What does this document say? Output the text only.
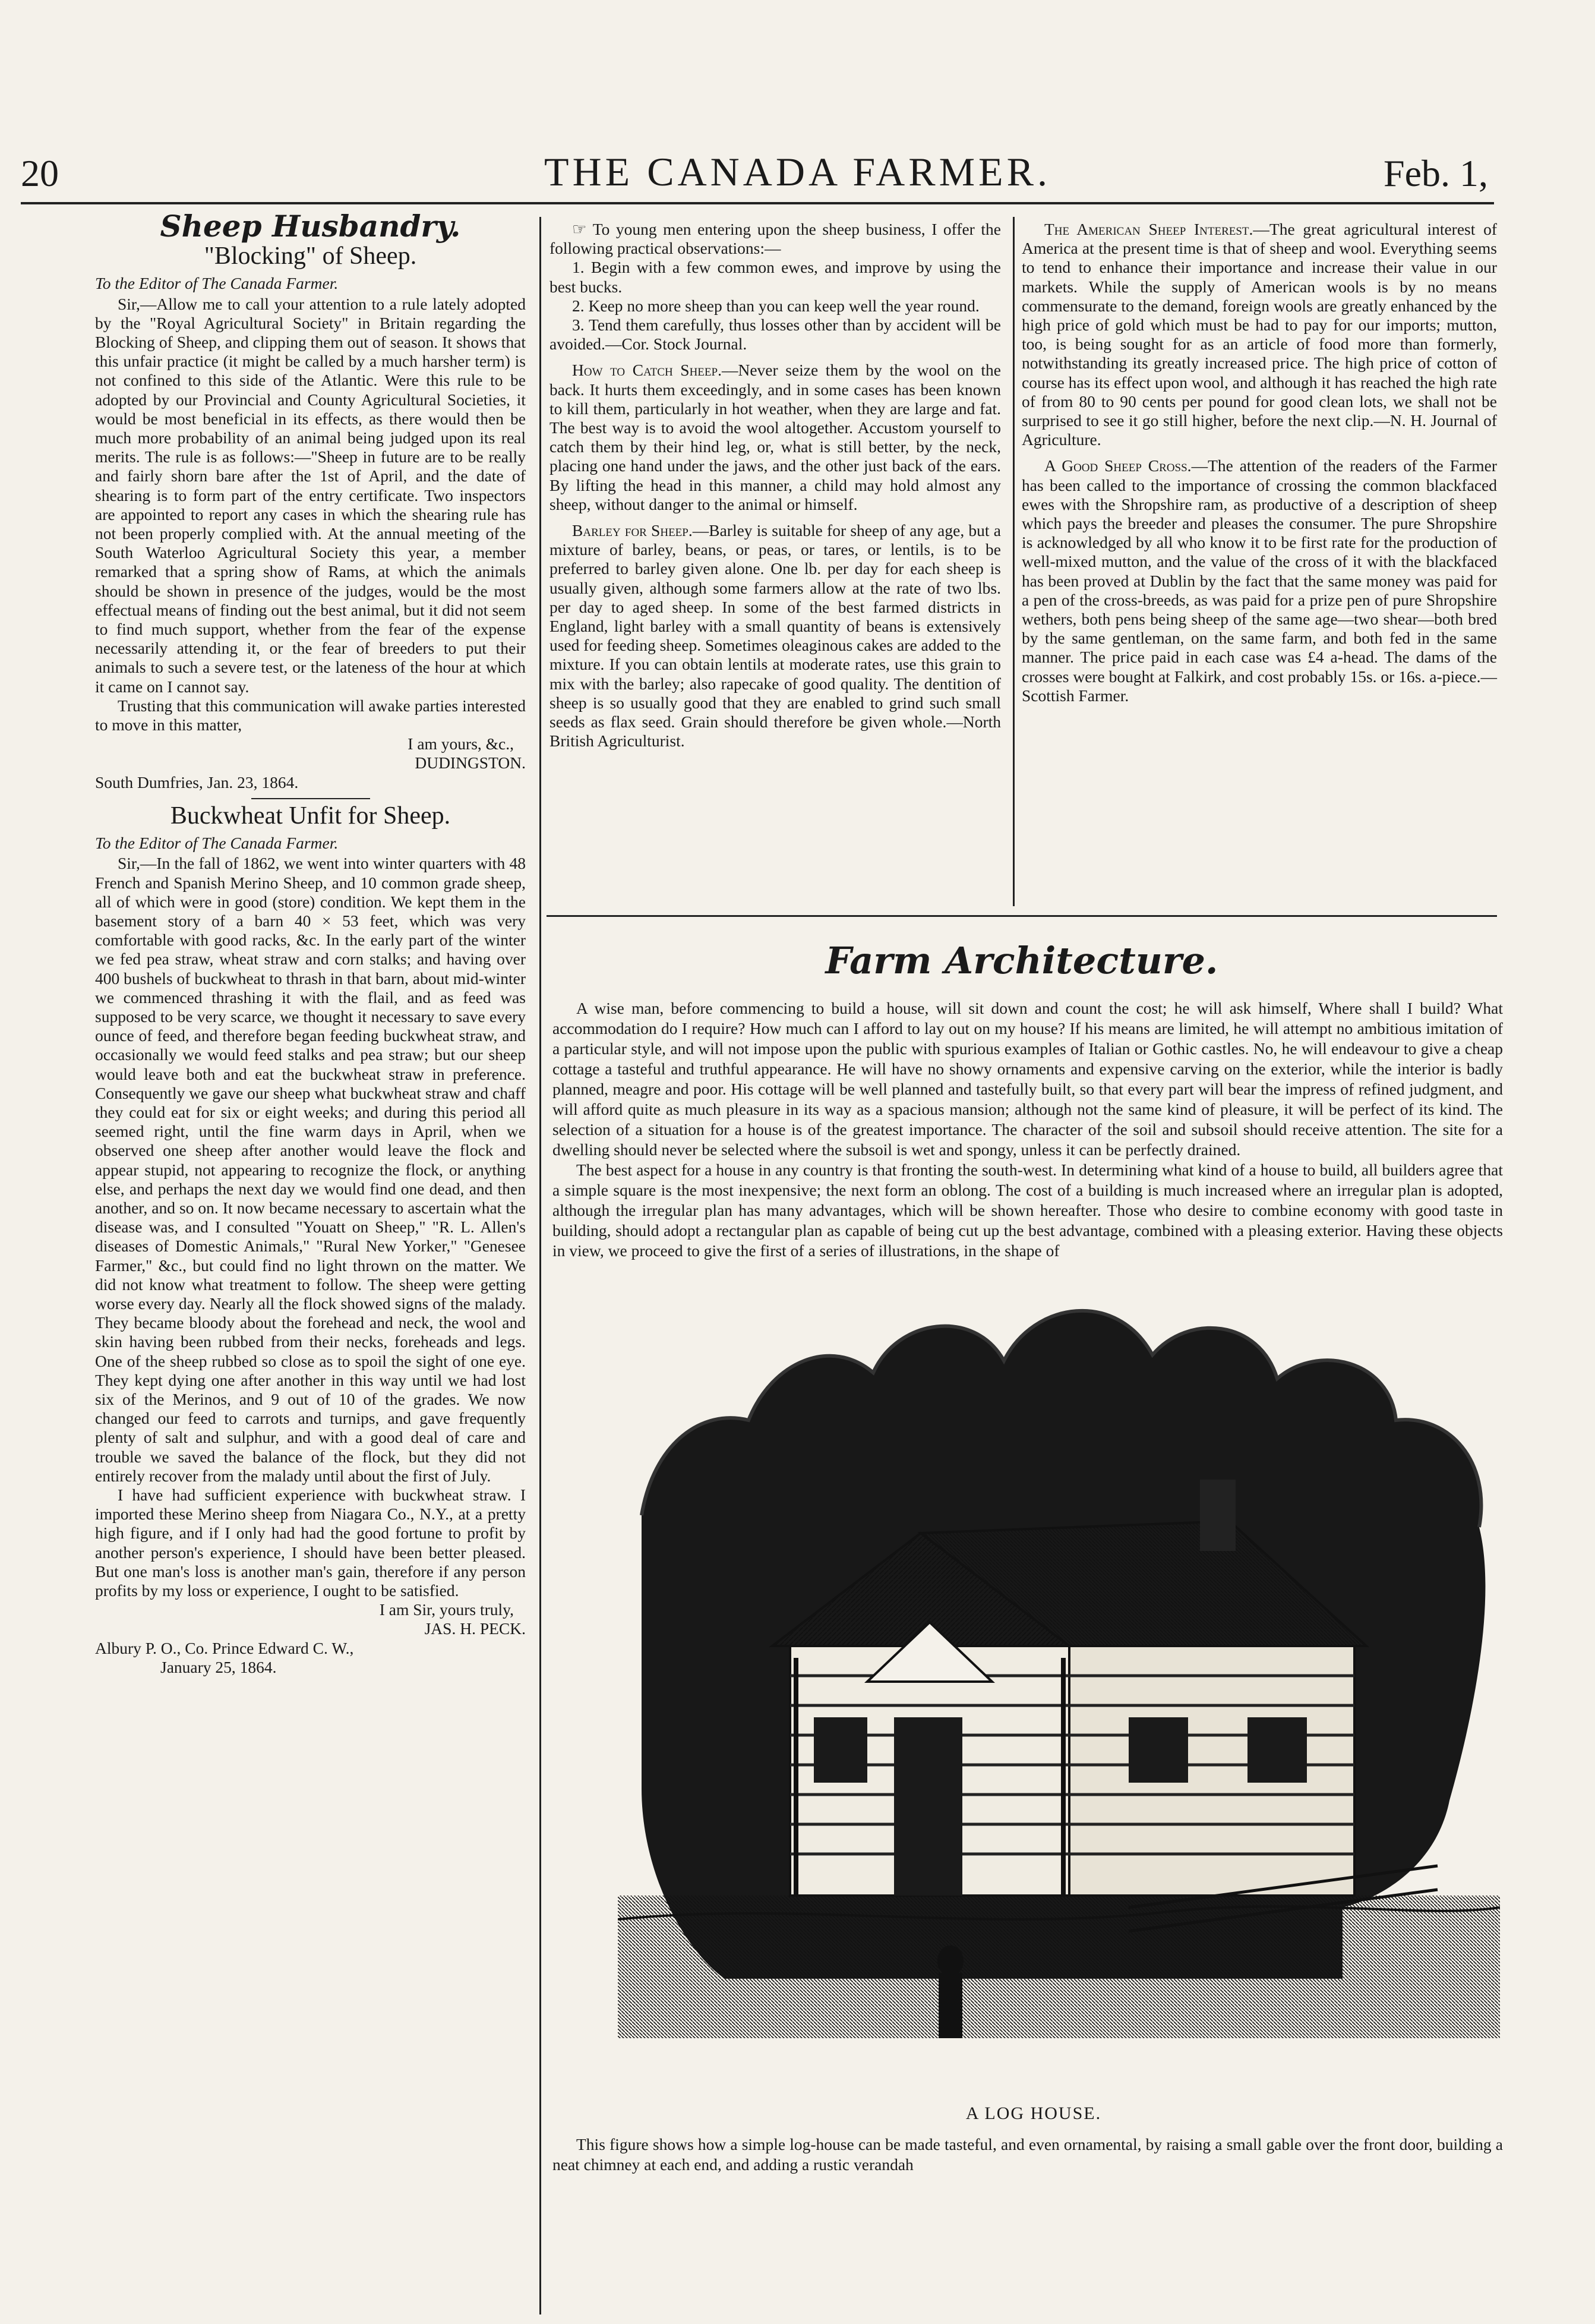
20	THE CANADA FARMER.	Feb. 1,
Sheep Husbandry.
"Blocking" of Sheep.

To the Editor of The Canada Farmer.

Sir,—Allow me to call your attention to a rule lately adopted by the "Royal Agricultural Society" in Britain regarding the Blocking of Sheep, and clipping them out of season. It shows that this unfair practice (it might be called by a much harsher term) is not confined to this side of the Atlantic. Were this rule to be adopted by our Provincial and County Agricultural Societies, it would be most beneficial in its effects, as there would then be much more probability of an animal being judged upon its real merits. The rule is as follows:—"Sheep in future are to be really and fairly shorn bare after the 1st of April, and the date of shearing is to form part of the entry certificate. Two inspectors are appointed to report any cases in which the shearing rule has not been properly complied with. At the annual meeting of the South Waterloo Agricultural Society this year, a member remarked that a spring show of Rams, at which the animals should be shown in presence of the judges, would be the most effectual means of finding out the best animal, but it did not seem to find much support, whether from the fear of the expense necessarily attending it, or the fear of breeders to put their animals to such a severe test, or the lateness of the hour at which it came on I cannot say.

Trusting that this communication will awake parties interested to move in this matter,

I am yours, &c.,

DUDINGSTON.

South Dumfries, Jan. 23, 1864.

Buckwheat Unfit for Sheep.

To the Editor of The Canada Farmer.

Sir,—In the fall of 1862, we went into winter quarters with 48 French and Spanish Merino Sheep, and 10 common grade sheep, all of which were in good (store) condition. We kept them in the basement story of a barn 40 × 53 feet, which was very comfortable with good racks, &c. In the early part of the winter we fed pea straw, wheat straw and corn stalks; and having over 400 bushels of buckwheat to thrash in that barn, about mid-winter we commenced thrashing it with the flail, and as feed was supposed to be very scarce, we thought it necessary to save every ounce of feed, and therefore began feeding buckwheat straw, and occasionally we would feed stalks and pea straw; but our sheep would leave both and eat the buckwheat straw in preference. Consequently we gave our sheep what buckwheat straw and chaff they could eat for six or eight weeks; and during this period all seemed right, until the fine warm days in April, when we observed one sheep after another would leave the flock and appear stupid, not appearing to recognize the flock, or anything else, and perhaps the next day we would find one dead, and then another, and so on. It now became necessary to ascertain what the disease was, and I consulted "Youatt on Sheep," "R. L. Allen's diseases of Domestic Animals," "Rural New Yorker," "Genesee Farmer," &c., but could find no light thrown on the matter. We did not know what treatment to follow. The sheep were getting worse every day. Nearly all the flock showed signs of the malady. They became bloody about the forehead and neck, the wool and skin having been rubbed from their necks, foreheads and legs. One of the sheep rubbed so close as to spoil the sight of one eye. They kept dying one after another in this way until we had lost six of the Merinos, and 9 out of 10 of the grades. We now changed our feed to carrots and turnips, and gave frequently plenty of salt and sulphur, and with a good deal of care and trouble we saved the balance of the flock, but they did not entirely recover from the malady until about the first of July.

I have had sufficient experience with buckwheat straw. I imported these Merino sheep from Niagara Co., N.Y., at a pretty high figure, and if I only had had the good fortune to profit by another person's experience, I should have been better pleased. But one man's loss is another man's gain, therefore if any person profits by my loss or experience, I ought to be satisfied.

I am Sir, yours truly,

JAS. H. PECK.

Albury P. O., Co. Prince Edward C. W.,

January 25, 1864.

☞ To young men entering upon the sheep business, I offer the following practical observations:—

1. Begin with a few common ewes, and improve by using the best bucks.

2. Keep no more sheep than you can keep well the year round.

3. Tend them carefully, thus losses other than by accident will be avoided.—Cor. Stock Journal.

How to Catch Sheep.—Never seize them by the wool on the back. It hurts them exceedingly, and in some cases has been known to kill them, particularly in hot weather, when they are large and fat. The best way is to avoid the wool altogether. Accustom yourself to catch them by their hind leg, or, what is still better, by the neck, placing one hand under the jaws, and the other just back of the ears. By lifting the head in this manner, a child may hold almost any sheep, without danger to the animal or himself.

Barley for Sheep.—Barley is suitable for sheep of any age, but a mixture of barley, beans, or peas, or tares, or lentils, is to be preferred to barley given alone. One lb. per day for each sheep is usually given, although some farmers allow at the rate of two lbs. per day to aged sheep. In some of the best farmed districts in England, light barley with a small quantity of beans is extensively used for feeding sheep. Sometimes oleaginous cakes are added to the mixture. If you can obtain lentils at moderate rates, use this grain to mix with the barley; also rapecake of good quality. The dentition of sheep is so usually good that they are enabled to grind such small seeds as flax seed. Grain should therefore be given whole.—North British Agriculturist.

The American Sheep Interest.—The great agricultural interest of America at the present time is that of sheep and wool. Everything seems to tend to enhance their importance and increase their value in our markets. While the supply of American wools is by no means commensurate to the demand, foreign wools are greatly enhanced by the high price of gold which must be had to pay for our imports; mutton, too, is being sought for as an article of food more than formerly, notwithstanding its greatly increased price. The high price of cotton of course has its effect upon wool, and although it has reached the high rate of from 80 to 90 cents per pound for good clean lots, we shall not be surprised to see it go still higher, before the next clip.—N. H. Journal of Agriculture.

A Good Sheep Cross.—The attention of the readers of the Farmer has been called to the importance of crossing the common blackfaced ewes with the Shropshire ram, as productive of a description of sheep which pays the breeder and pleases the consumer. The pure Shropshire is acknowledged by all who know it to be first rate for the production of well-mixed mutton, and the value of the cross of it with the blackfaced has been proved at Dublin by the fact that the same money was paid for a pen of the cross-breeds, as was paid for a prize pen of pure Shropshire wethers, both pens being sheep of the same age—two shear—both bred by the same gentleman, on the same farm, and both fed in the same manner. The price paid in each case was £4 a-head. The dams of the crosses were bought at Falkirk, and cost probably 15s. or 16s. a-piece.—Scottish Farmer.

Farm Architecture.

A wise man, before commencing to build a house, will sit down and count the cost; he will ask himself, Where shall I build? What accommodation do I require? How much can I afford to lay out on my house? If his means are limited, he will attempt no ambitious imitation of a particular style, and will not impose upon the public with spurious examples of Italian or Gothic castles. No, he will endeavour to give a cheap cottage a tasteful and truthful appearance. He will have no showy ornaments and expensive carving on the exterior, while the interior is badly planned, meagre and poor. His cottage will be well planned and tastefully built, so that every part will bear the impress of refined judgment, and will afford quite as much pleasure in its way as a spacious mansion; although not the same kind of pleasure, it will be perfect of its kind. The selection of a situation for a house is of the greatest importance. The character of the soil and subsoil should receive attention. The site for a dwelling should never be selected where the subsoil is wet and spongy, unless it can be perfectly drained.

The best aspect for a house in any country is that fronting the south-west. In determining what kind of a house to build, all builders agree that a simple square is the most inexpensive; the next form an oblong. The cost of a building is much increased where an irregular plan is adopted, although the irregular plan has many advantages, which will be shown hereafter. Those who desire to combine economy with good taste in building, should adopt a rectangular plan as capable of being cut up the best advantage, combined with a pleasing exterior. Having these objects in view, we proceed to give the first of a series of illustrations, in the shape of

A LOG HOUSE.
This figure shows how a simple log-house can be made tasteful, and even ornamental, by raising a small gable over the front door, building a neat chimney at each end, and adding a rustic verandah
